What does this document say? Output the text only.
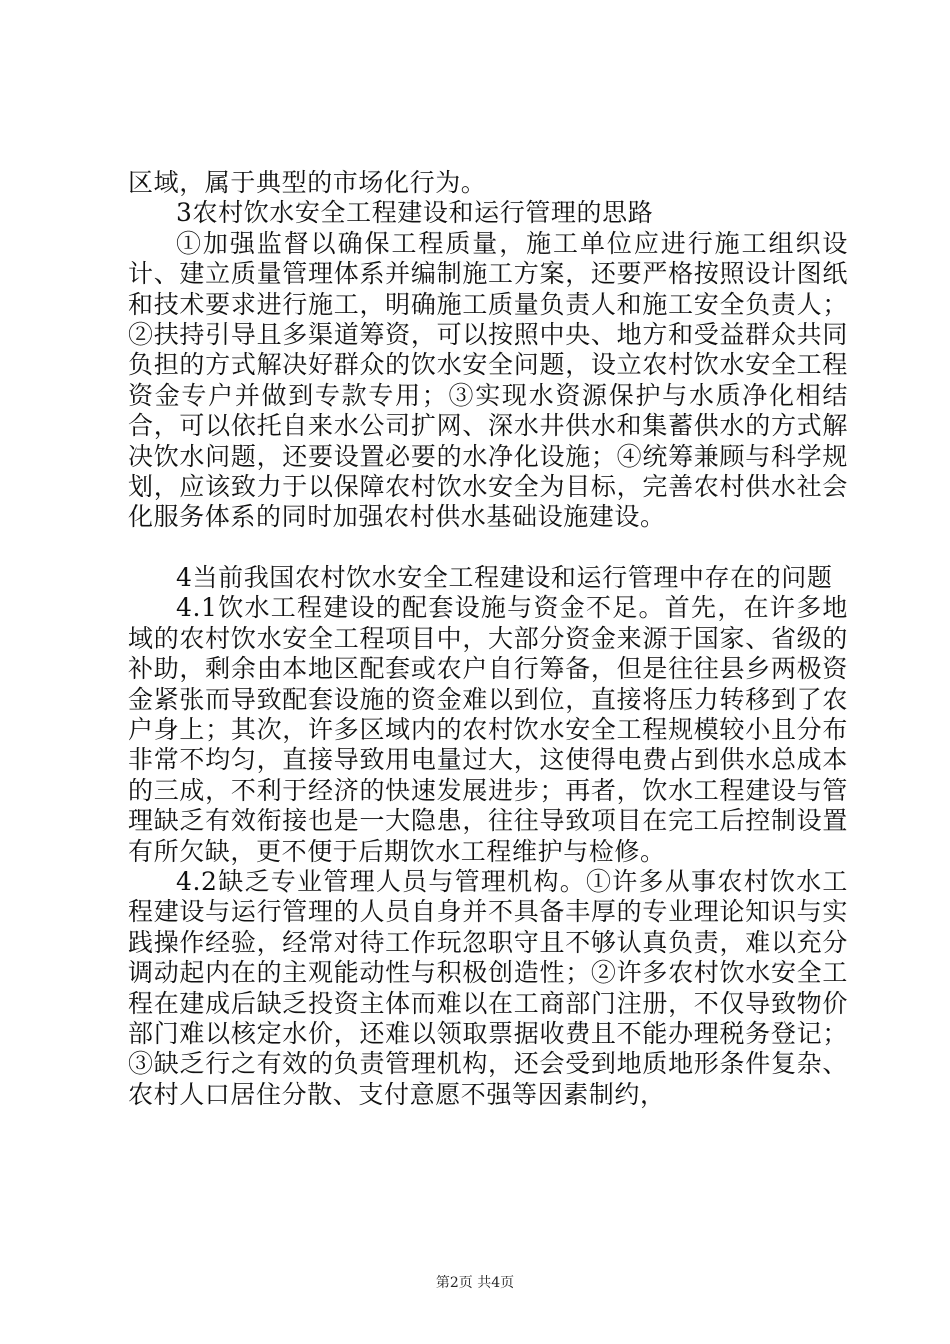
区域，属于典型的市场化行为。

3农村饮水安全工程建设和运行管理的思路

①加强监督以确保工程质量，施工单位应进行施工组织设计、建立质量管理体系并编制施工方案，还要严格按照设计图纸和技术要求进行施工，明确施工质量负责人和施工安全负责人；②扶持引导且多渠道筹资，可以按照中央、地方和受益群众共同负担的方式解决好群众的饮水安全问题，设立农村饮水安全工程资金专户并做到专款专用；③实现水资源保护与水质净化相结合，可以依托自来水公司扩网、深水井供水和集蓄供水的方式解决饮水问题，还要设置必要的水净化设施；④统筹兼顾与科学规划，应该致力于以保障农村饮水安全为目标，完善农村供水社会化服务体系的同时加强农村供水基础设施建设。

4当前我国农村饮水安全工程建设和运行管理中存在的问题

4.1饮水工程建设的配套设施与资金不足。首先，在许多地域的农村饮水安全工程项目中，大部分资金来源于国家、省级的补助，剩余由本地区配套或农户自行筹备，但是往往县乡两极资金紧张而导致配套设施的资金难以到位，直接将压力转移到了农户身上；其次，许多区域内的农村饮水安全工程规模较小且分布非常不均匀，直接导致用电量过大，这使得电费占到供水总成本的三成，不利于经济的快速发展进步；再者，饮水工程建设与管理缺乏有效衔接也是一大隐患，往往导致项目在完工后控制设置有所欠缺，更不便于后期饮水工程维护与检修。

4.2缺乏专业管理人员与管理机构。①许多从事农村饮水工程建设与运行管理的人员自身并不具备丰厚的专业理论知识与实践操作经验，经常对待工作玩忽职守且不够认真负责，难以充分调动起内在的主观能动性与积极创造性；②许多农村饮水安全工程在建成后缺乏投资主体而难以在工商部门注册，不仅导致物价部门难以核定水价，还难以领取票据收费且不能办理税务登记；③缺乏行之有效的负责管理机构，还会受到地质地形条件复杂、农村人口居住分散、支付意愿不强等因素制约，

第2页 共4页
